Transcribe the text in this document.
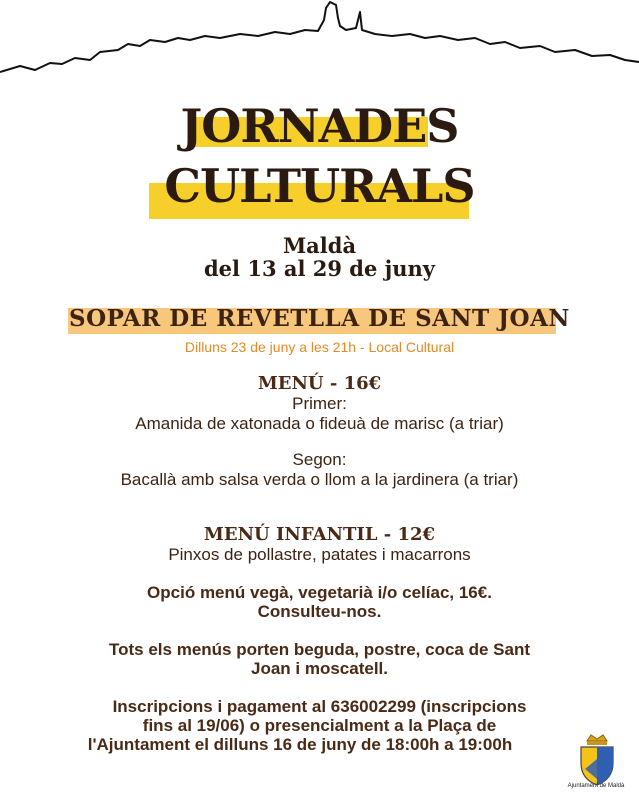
JORNADES
CULTURALS
Maldà
del 13 al 29 de juny
SOPAR DE REVETLLA DE SANT JOAN
Dilluns 23 de juny a les 21h - Local Cultural
MENÚ - 16€
Primer:
Amanida de xatonada o fideuà de marisc (a triar)
Segon:
Bacallà amb salsa verda o llom a la jardinera (a triar)
MENÚ INFANTIL - 12€
Pinxos de pollastre, patates i macarrons
Opció menú vegà, vegetarià i/o celíac, 16€.
Consulteu-nos.
Tots els menús porten beguda, postre, coca de Sant
Joan i moscatell.
Inscripcions i pagament al 636002299 (inscripcions
fins al 19/06) o presencialment a la Plaça de
l'Ajuntament el dilluns 16 de juny de 18:00h a 19:00h
Ajuntament de Maldà
